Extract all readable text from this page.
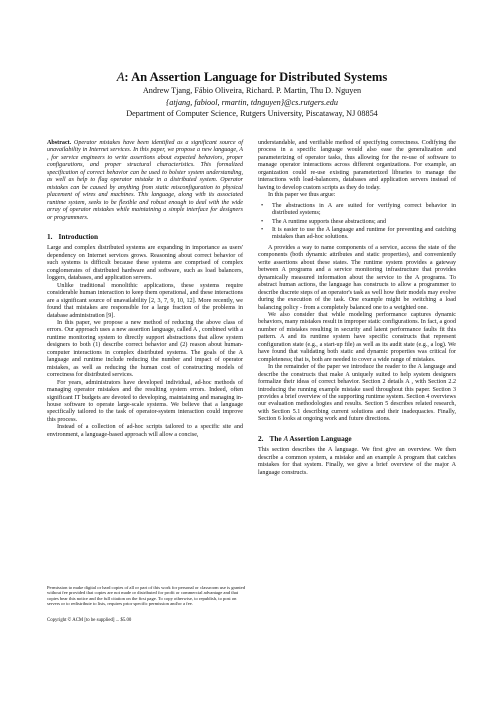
A: An Assertion Language for Distributed Systems
Andrew Tjang, Fábio Oliveira, Richard. P. Martin, Thu D. Nguyen
{atjang, fabiool, rmartin, tdnguyen}@cs.rutgers.edu
Department of Computer Science, Rutgers University, Piscataway, NJ 08854

Abstract. Operator mistakes have been identified as a significant source of unavailability in Internet services. In this paper, we propose a new language, A , for service engineers to write assertions about expected behaviors, proper configurations, and proper structural characteristics. This formalized specification of correct behavior can be used to bolster system understanding, as well as help to flag operator mistake in a distributed system. Operator mistakes can be caused by anything from static misconfiguration to physical placement of wires and machines. This language, along with its associated runtime system, seeks to be flexible and robust enough to deal with the wide array of operator mistakes while maintaining a simple interface for designers or programmers.

1. Introduction

Large and complex distributed systems are expanding in importance as users' dependency on Internet services grows. Reasoning about correct behavior of such systems is difficult because these systems are comprised of complex conglomerates of distributed hardware and software, such as load balancers, loggers, databases, and application servers.

Unlike traditional monolithic applications, these systems require considerable human interaction to keep them operational, and these interactions are a significant source of unavailability [2, 3, 7, 9, 10, 12]. More recently, we found that mistakes are responsible for a large fraction of the problems in database administration [9].

In this paper, we propose a new method of reducing the above class of errors. Our approach uses a new assertion language, called A , combined with a runtime monitoring system to directly support abstractions that allow system designers to both (1) describe correct behavior and (2) reason about human-computer interactions in complex distributed systems. The goals of the A language and runtime include reducing the number and impact of operator mistakes, as well as reducing the human cost of constructing models of correctness for distributed services.

For years, administrators have developed individual, ad-hoc methods of managing operator mistakes and the resulting system errors. Indeed, often significant IT budgets are devoted to developing, maintaining and managing in-house software to operate large-scale systems. We believe that a language specifically tailored to the task of operator-system interaction could improve this process.

Instead of a collection of ad-hoc scripts tailored to a specific site and environment, a language-based approach will allow a concise,

Permission to make digital or hard copies of all or part of this work for personal or classroom use is granted without fee provided that copies are not made or distributed for profit or commercial advantage and that copies bear this notice and the full citation on the first page. To copy otherwise, to republish, to post on servers or to redistribute to lists, requires prior specific permission and/or a fee.
Copyright © ACM [to be supplied] ... $5.00

understandable, and verifiable method of specifying correctness. Codifying the process in a specific language would also ease the generalization and parameterizing of operator tasks, thus allowing for the re-use of software to manage operator interactions across different organizations. For example, an organization could re-use existing parameterized libraries to manage the interactions with load-balancers, databases and application servers instead of having to develop custom scripts as they do today.

In this paper we thus argue:

• The abstractions in A are suited for verifying correct behavior in distributed systems;
• The A runtime supports these abstractions; and
• It is easier to use the A language and runtime for preventing and catching mistakes than ad-hoc solutions.

A provides a way to name components of a service, access the state of the components (both dynamic attributes and static properties), and conveniently write assertions about these states. The runtime system provides a gateway between A programs and a service monitoring infrastructure that provides dynamically measured information about the service to the A programs. To abstract human actions, the language has constructs to allow a programmer to describe discrete steps of an operator's task as well how their models may evolve during the execution of the task. One example might be switching a load balancing policy - from a completely balanced one to a weighted one.

We also consider that while modeling performance captures dynamic behaviors, many mistakes result in improper static configurations. In fact, a good number of mistakes resulting in security and latent performance faults fit this pattern. A and its runtime system have specific constructs that represent configuration state (e.g., a start-up file) as well as its audit state (e.g., a log). We have found that validating both static and dynamic properties was critical for completeness; that is, both are needed to cover a wide range of mistakes.

In the remainder of the paper we introduce the reader to the A language and describe the constructs that make A uniquely suited to help system designers formalize their ideas of correct behavior. Section 2 details A , with Section 2.2 introducing the running example mistake used throughout this paper. Section 3 provides a brief overview of the supporting runtime system. Section 4 overviews our evaluation methodologies and results. Section 5 describes related research, with Section 5.1 describing current solutions and their inadequacies. Finally, Section 6 looks at ongoing work and future directions.

2. The A Assertion Language

This section describes the A language. We first give an overview. We then describe a common system, a mistake and an example A program that catches mistakes for that system. Finally, we give a brief overview of the major A language constructs.
